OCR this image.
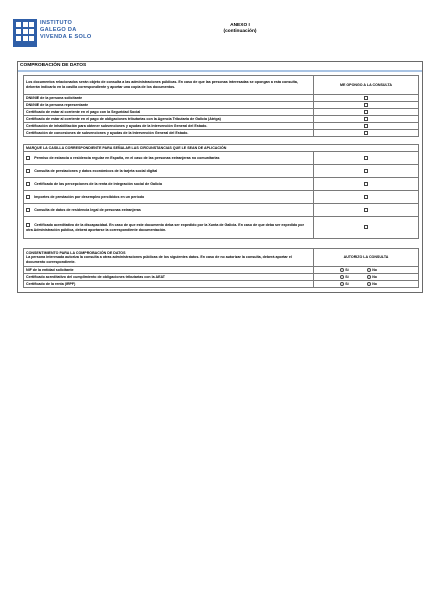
INSTITUTO
GALEGO DA
VIVENDA E SOLO
ANEXO I
(continuación)
COMPROBACIÓN DE DATOS
Los documentos relacionados serán objeto de consulta a las administraciones públicas. En caso de que las personas interesadas se opongan a esta consulta, deberán indicarlo en la casilla correspondiente y aportar una copia de los documentos.	ME OPONGO A LA CONSULTA
DNI/NIE de la persona solicitante	
DNI/NIE de la persona representante	
Certificado de estar al corriente en el pago con la Seguridad Social	
Certificado de estar al corriente en el pago de obligaciones tributarias con la Agencia Tributaria de Galicia (Atriga)	
Certificación de inhabilitación para obtener subvenciones y ayudas de la Intervención General del Estado.	
Certificación de concesiones de subvenciones y ayudas de la Intervención General del Estado.	
MARQUE LA CASILLA CORRESPONDIENTE PARA SEÑALAR LAS CIRCUNSTANCIAS QUE LE SEAN DE APLICACIÓN	
Permiso de estancia o residencia regular en España, en el caso de las personas extranjeras no comunitarias	
Consulta de prestaciones y datos económicos de la tarjeta social digital	
Certificado de las percepciones de la renta de integración social de Galicia	
Importes de prestación por desempleo percibidos en un período	
Consulta de datos de residencia legal de personas extranjeras	
Certificado acreditativo de la discapacidad. En caso de que este documento deba ser expedido por la Xunta de Galicia. En caso de que deba ser expedido por otra Administración pública, deberá aportarse la correspondiente documentación.	
CONSENTIMIENTO PARA LA COMPROBACIÓN DE DATOS
La persona interesada autoriza la consulta a otras administraciones públicas de los siguientes datos. En caso de no autorizar la consulta, deberá aportar el documento correspondiente.	AUTORIZO LA CONSULTA
NIF de la entidad solicitante	Sí No
Certificado acreditativo del cumplimiento de obligaciones tributarias con la AEAT	Sí No
Certificado de la renta (IRPF)	Sí No
